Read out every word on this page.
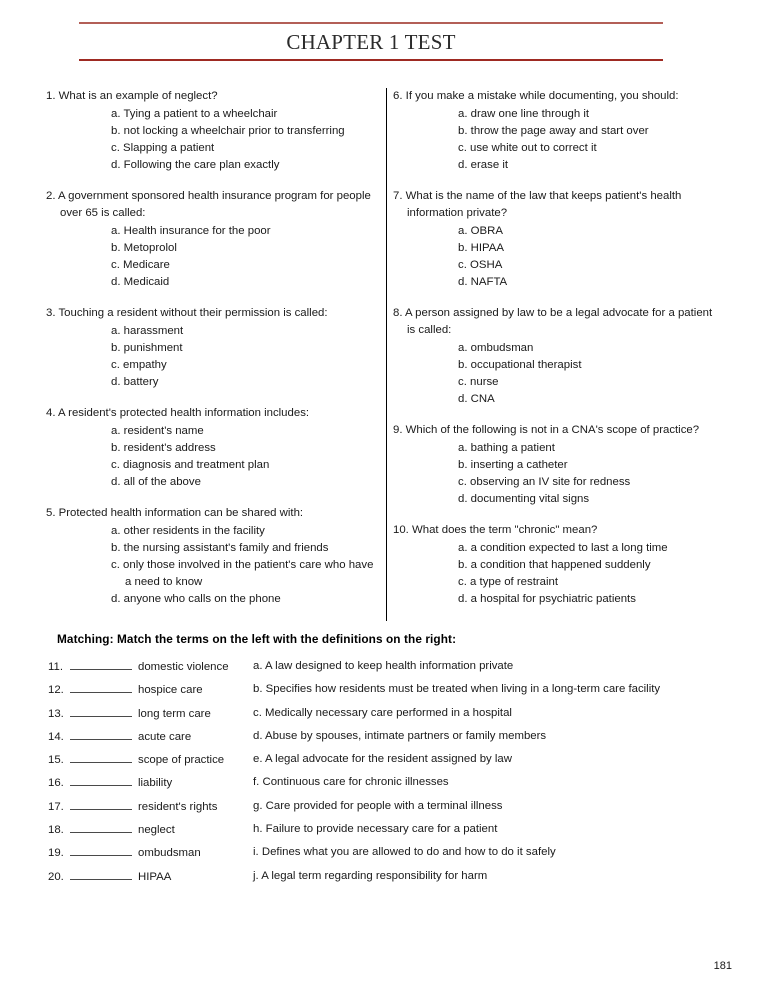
CHAPTER 1 TEST
1. What is an example of neglect?
a. Tying a patient to a wheelchair
b. not locking a wheelchair prior to transferring
c. Slapping a patient
d. Following the care plan exactly
2. A government sponsored health insurance program for people over 65 is called:
a. Health insurance for the poor
b. Metoprolol
c. Medicare
d. Medicaid
3. Touching a resident without their permission is called:
a. harassment
b. punishment
c. empathy
d. battery
4. A resident's protected health information includes:
a. resident's name
b. resident's address
c. diagnosis and treatment plan
d. all of the above
5. Protected health information can be shared with:
a. other residents in the facility
b. the nursing assistant's family and friends
c. only those involved in the patient's care who have a need to know
d. anyone who calls on the phone
6. If you make a mistake while documenting, you should:
a. draw one line through it
b. throw the page away and start over
c. use white out to correct it
d. erase it
7. What is the name of the law that keeps patient's health information private?
a. OBRA
b. HIPAA
c. OSHA
d. NAFTA
8. A person assigned by law to be a legal advocate for a patient is called:
a. ombudsman
b. occupational therapist
c. nurse
d. CNA
9. Which of the following is not in a CNA's scope of practice?
a. bathing a patient
b. inserting a catheter
c. observing an IV site for redness
d. documenting vital signs
10. What does the term "chronic" mean?
a. a condition expected to last a long time
b. a condition that happened suddenly
c. a type of restraint
d. a hospital for psychiatric patients
Matching: Match the terms on the left with the definitions on the right:
11.	domestic violence	a. A law designed to keep health information private
12.	hospice care	b. Specifies how residents must be treated when living in a long-term care facility
13.	long term care	c. Medically necessary care performed in a hospital
14.	acute care	d. Abuse by spouses, intimate partners or family members
15.	scope of practice	e. A legal advocate for the resident assigned by law
16.	liability	f. Continuous care for chronic illnesses
17.	resident's rights	g. Care provided for people with a terminal illness
18.	neglect	h. Failure to provide necessary care for a patient
19.	ombudsman	i. Defines what you are allowed to do and how to do it safely
20.	HIPAA	j. A legal term regarding responsibility for harm
181
